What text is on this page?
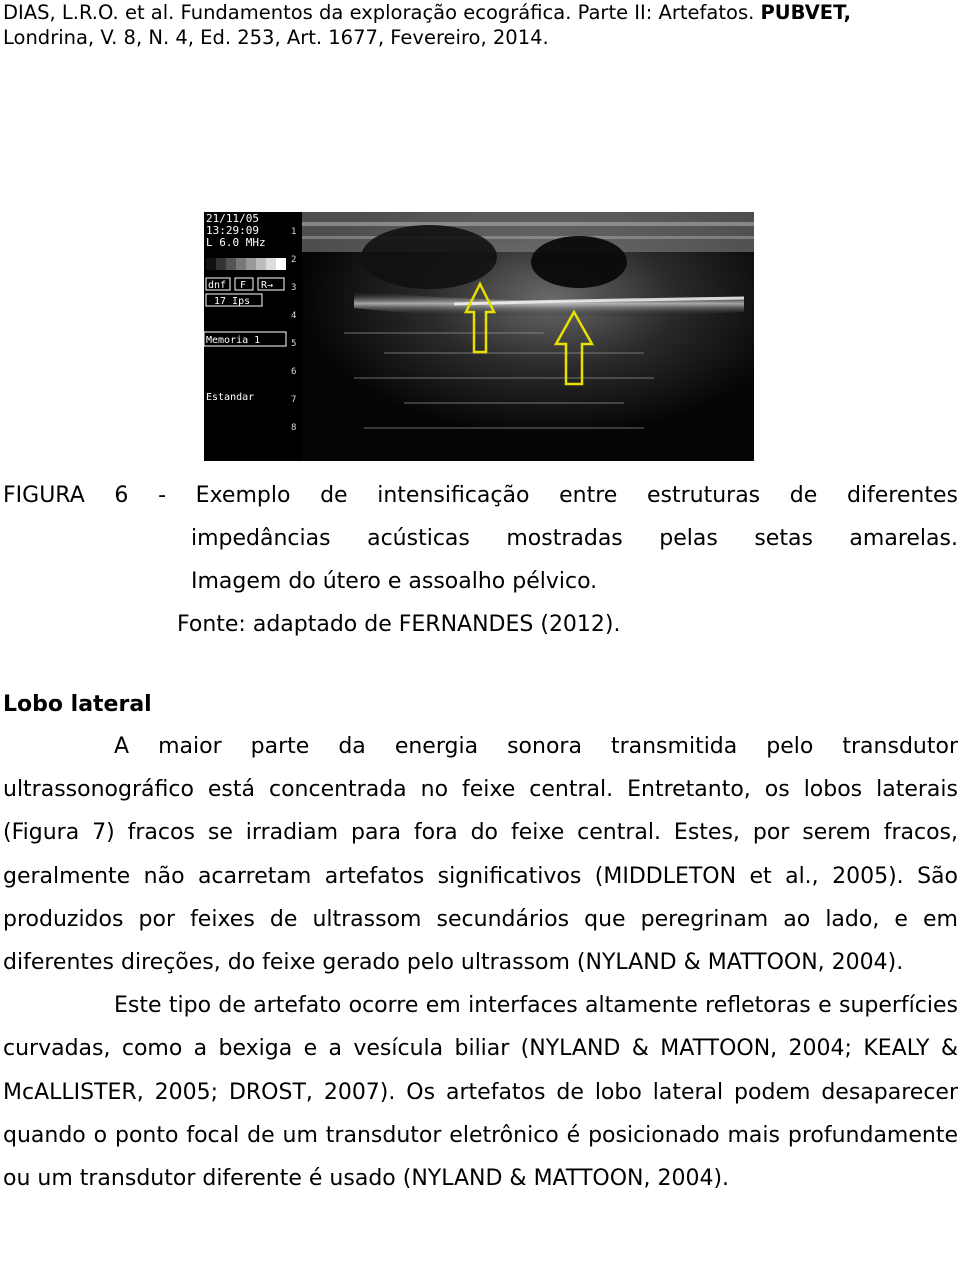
DIAS, L.R.O. et al. Fundamentos da exploração ecográfica. Parte II: Artefatos. PUBVET,
Londrina, V. 8, N. 4, Ed. 253, Art. 1677, Fevereiro, 2014.
1
2
3
4
5
6
7
8
21/11/05
13:29:09
L 6.0 MHz
dnf F R→
17 Ips
Memoria 1
Estandar
FIGURA 6 - Exemplo de intensificação entre estruturas de diferentes
impedâncias acústicas mostradas pelas setas amarelas.
Imagem do útero e assoalho pélvico.
Fonte: adaptado de FERNANDES (2012).
Lobo lateral

A maior parte da energia sonora transmitida pelo transdutor ultrassonográfico está concentrada no feixe central. Entretanto, os lobos laterais (Figura 7) fracos se irradiam para fora do feixe central. Estes, por serem fracos, geralmente não acarretam artefatos significativos (MIDDLETON et al., 2005). São produzidos por feixes de ultrassom secundários que peregrinam ao lado, e em diferentes direções, do feixe gerado pelo ultrassom (NYLAND & MATTOON, 2004).

Este tipo de artefato ocorre em interfaces altamente refletoras e superfícies curvadas, como a bexiga e a vesícula biliar (NYLAND & MATTOON, 2004; KEALY & McALLISTER, 2005; DROST, 2007). Os artefatos de lobo lateral podem desaparecer quando o ponto focal de um transdutor eletrônico é posicionado mais profundamente ou um transdutor diferente é usado (NYLAND & MATTOON, 2004).
